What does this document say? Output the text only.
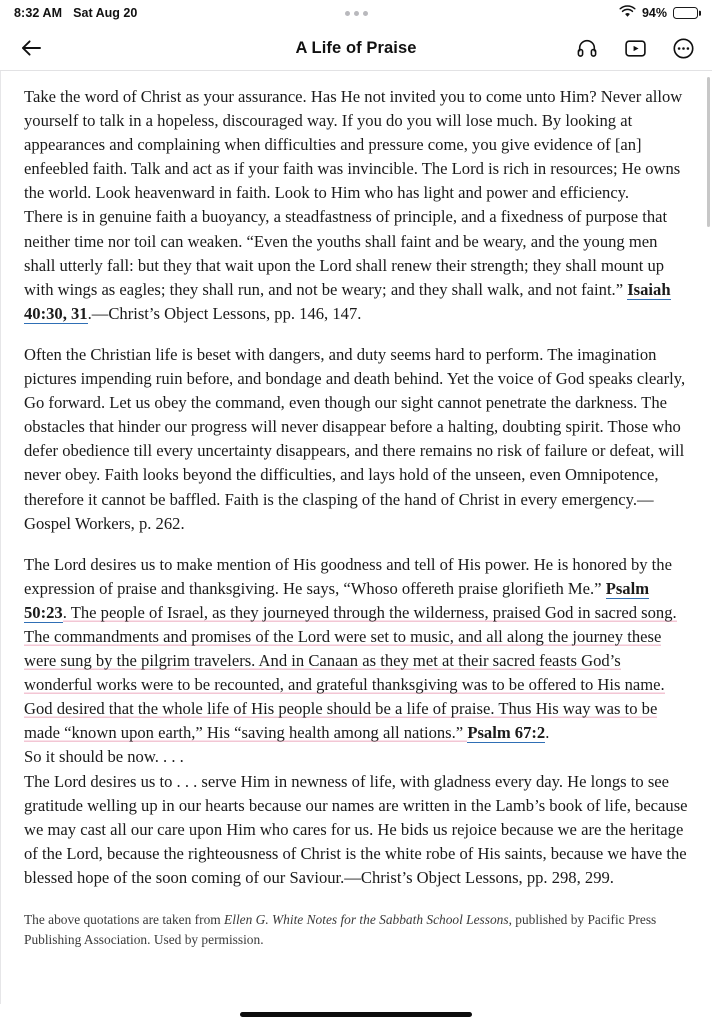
8:32 AM Sat Aug 20	94%
A Life of Praise

Take the word of Christ as your assurance. Has He not invited you to come unto Him? Never allow yourself to talk in a hopeless, discouraged way. If you do you will lose much. By looking at appearances and complaining when difficulties and pressure come, you give evidence of [an] enfeebled faith. Talk and act as if your faith was invincible. The Lord is rich in resources; He owns the world. Look heavenward in faith. Look to Him who has light and power and efficiency.

There is in genuine faith a buoyancy, a steadfastness of principle, and a fixedness of purpose that neither time nor toil can weaken. “Even the youths shall faint and be weary, and the young men shall utterly fall: but they that wait upon the Lord shall renew their strength; they shall mount up with wings as eagles; they shall run, and not be weary; and they shall walk, and not faint.” Isaiah 40:30, 31.—Christ’s Object Lessons, pp. 146, 147.

Often the Christian life is beset with dangers, and duty seems hard to perform. The imagination pictures impending ruin before, and bondage and death behind. Yet the voice of God speaks clearly, Go forward. Let us obey the command, even though our sight cannot penetrate the darkness. The obstacles that hinder our progress will never disappear before a halting, doubting spirit. Those who defer obedience till every uncertainty disappears, and there remains no risk of failure or defeat, will never obey. Faith looks beyond the difficulties, and lays hold of the unseen, even Omnipotence, therefore it cannot be baffled. Faith is the clasping of the hand of Christ in every emergency.—Gospel Workers, p. 262.

The Lord desires us to make mention of His goodness and tell of His power. He is honored by the expression of praise and thanksgiving. He says, “Whoso offereth praise glorifieth Me.” Psalm 50:23. The people of Israel, as they journeyed through the wilderness, praised God in sacred song. The commandments and promises of the Lord were set to music, and all along the journey these were sung by the pilgrim travelers. And in Canaan as they met at their sacred feasts God’s wonderful works were to be recounted, and grateful thanksgiving was to be offered to His name. God desired that the whole life of His people should be a life of praise. Thus His way was to be made “known upon earth,” His “saving health among all nations.” Psalm 67:2.

So it should be now. . . .

The Lord desires us to . . . serve Him in newness of life, with gladness every day. He longs to see gratitude welling up in our hearts because our names are written in the Lamb’s book of life, because we may cast all our care upon Him who cares for us. He bids us rejoice because we are the heritage of the Lord, because the righteousness of Christ is the white robe of His saints, because we have the blessed hope of the soon coming of our Saviour.—Christ’s Object Lessons, pp. 298, 299.

The above quotations are taken from Ellen G. White Notes for the Sabbath School Lessons, published by Pacific Press Publishing Association. Used by permission.
